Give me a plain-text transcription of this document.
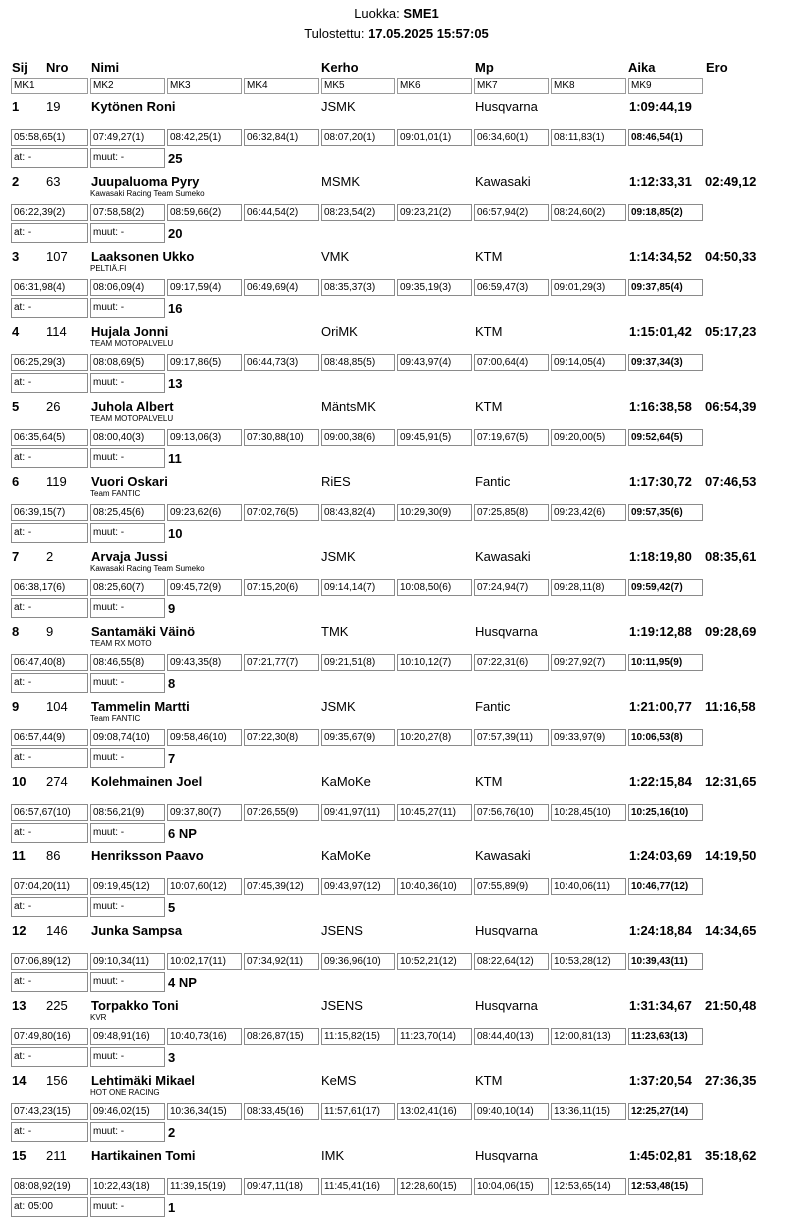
Luokka: SME1
Tulostettu: 17.05.2025 15:57:05
Sij Nro Nimi	Kerho	Mp	Aika	Ero
MK1	MK2	MK3	MK4	MK5	MK6	MK7	MK8	MK9
1 19 Kytönen Roni	JSMK	Husqvarna	1:09:44,19
05:58,65(1)	07:49,27(1)	08:42,25(1)	06:32,84(1)	08:07,20(1)	09:01,01(1)	06:34,60(1)	08:11,83(1)	08:46,54(1)
at: -	muut: -	25
2 63 Juupaluoma Pyry
Kawasaki Racing Team Sumeko
MSMK	Kawasaki	1:12:33,31 02:49,12
06:22,39(2)	07:58,58(2)	08:59,66(2)	06:44,54(2)	08:23,54(2)	09:23,21(2)	06:57,94(2)	08:24,60(2)	09:18,85(2)
at: -	muut: -	20
3 107 Laaksonen Ukko
PELTIÄ.FI
VMK	KTM	1:14:34,52 04:50,33
06:31,98(4)	08:06,09(4)	09:17,59(4)	06:49,69(4)	08:35,37(3)	09:35,19(3)	06:59,47(3)	09:01,29(3)	09:37,85(4)
at: -	muut: -	16
4 114 Hujala Jonni
TEAM MOTOPALVELU
OriMK	KTM	1:15:01,42 05:17,23
06:25,29(3)	08:08,69(5)	09:17,86(5)	06:44,73(3)	08:48,85(5)	09:43,97(4)	07:00,64(4)	09:14,05(4)	09:37,34(3)
at: -	muut: -	13
5 26 Juhola Albert
TEAM MOTOPALVELU
MäntsMK	KTM	1:16:38,58 06:54,39
06:35,64(5)	08:00,40(3)	09:13,06(3)	07:30,88(10)	09:00,38(6)	09:45,91(5)	07:19,67(5)	09:20,00(5)	09:52,64(5)
at: -	muut: -	11
6 119 Vuori Oskari
Team FANTIC
RiES	Fantic	1:17:30,72 07:46,53
06:39,15(7)	08:25,45(6)	09:23,62(6)	07:02,76(5)	08:43,82(4)	10:29,30(9)	07:25,85(8)	09:23,42(6)	09:57,35(6)
at: -	muut: -	10
7 2	Arvaja Jussi
Kawasaki Racing Team Sumeko
JSMK	Kawasaki	1:18:19,80 08:35,61
06:38,17(6)	08:25,60(7)	09:45,72(9)	07:15,20(6)	09:14,14(7)	10:08,50(6)	07:24,94(7)	09:28,11(8)	09:59,42(7)
at: -	muut: -	9
8 9	Santamäki Väinö
TEAM RX MOTO
TMK	Husqvarna	1:19:12,88 09:28,69
06:47,40(8)	08:46,55(8)	09:43,35(8)	07:21,77(7)	09:21,51(8)	10:10,12(7)	07:22,31(6)	09:27,92(7)	10:11,95(9)
at: -	muut: -	8
9 104 Tammelin Martti
Team FANTIC
JSMK	Fantic	1:21:00,77 11:16,58
06:57,44(9)	09:08,74(10)	09:58,46(10)	07:22,30(8)	09:35,67(9)	10:20,27(8)	07:57,39(11)	09:33,97(9)	10:06,53(8)
at: -	muut: -	7
10 274 Kolehmainen Joel	KaMoKe	KTM	1:22:15,84 12:31,65
06:57,67(10)	08:56,21(9)	09:37,80(7)	07:26,55(9)	09:41,97(11)	10:45,27(11)	07:56,76(10)	10:28,45(10)	10:25,16(10)
at: -	muut: -	6 NP
11 86 Henriksson Paavo	KaMoKe	Kawasaki	1:24:03,69 14:19,50
07:04,20(11)	09:19,45(12)	10:07,60(12)	07:45,39(12)	09:43,97(12)	10:40,36(10)	07:55,89(9)	10:40,06(11)	10:46,77(12)
at: -	muut: -	5
12 146 Junka Sampsa	JSENS	Husqvarna	1:24:18,84 14:34,65
07:06,89(12)	09:10,34(11)	10:02,17(11)	07:34,92(11)	09:36,96(10)	10:52,21(12)	08:22,64(12)	10:53,28(12)	10:39,43(11)
at: -	muut: -	4 NP
13 225 Torpakko Toni
KVR
JSENS	Husqvarna	1:31:34,67 21:50,48
07:49,80(16)	09:48,91(16)	10:40,73(16)	08:26,87(15)	11:15,82(15)	11:23,70(14)	08:44,40(13)	12:00,81(13)	11:23,63(13)
at: -	muut: -	3
14 156 Lehtimäki Mikael
HOT ONE RACING
KeMS	KTM	1:37:20,54 27:36,35
07:43,23(15)	09:46,02(15)	10:36,34(15)	08:33,45(16)	11:57,61(17)	13:02,41(16)	09:40,10(14)	13:36,11(15)	12:25,27(14)
at: -	muut: -	2
15 211 Hartikainen Tomi	IMK	Husqvarna	1:45:02,81 35:18,62
08:08,92(19)	10:22,43(18)	11:39,15(19)	09:47,11(18)	11:45,41(16)	12:28,60(15)	10:04,06(15)	12:53,65(14)	12:53,48(15)
at: 05:00	muut: -	1
